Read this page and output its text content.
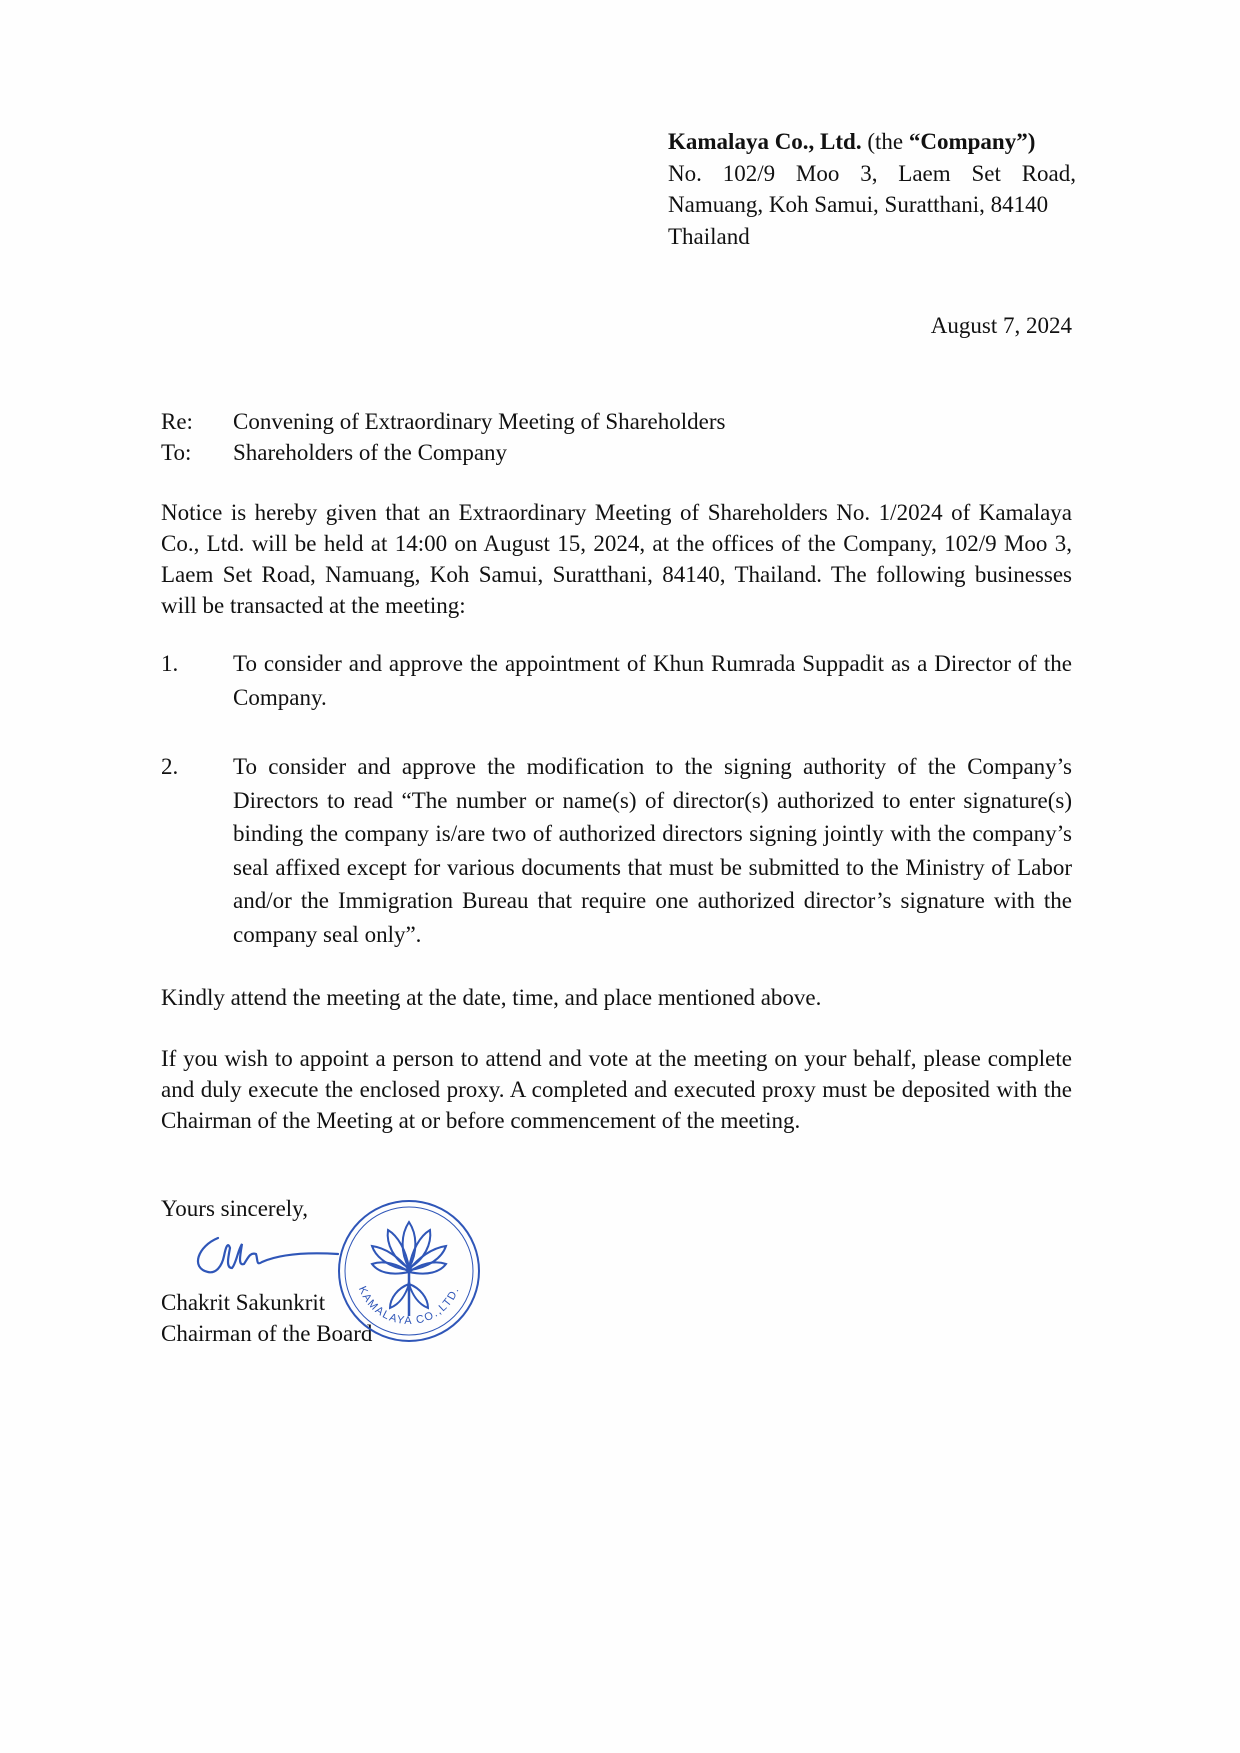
Kamalaya Co., Ltd. (the “Company”)
No. 102/9 Moo 3, Laem Set Road,
Namuang, Koh Samui, Suratthani, 84140
Thailand
August 7, 2024
Re:	Convening of Extraordinary Meeting of Shareholders
To:	Shareholders of the Company

Notice is hereby given that an Extraordinary Meeting of Shareholders No. 1/2024 of Kamalaya Co., Ltd. will be held at 14:00 on August 15, 2024, at the offices of the Company, 102/9 Moo 3, Laem Set Road, Namuang, Koh Samui, Suratthani, 84140, Thailand. The following businesses will be transacted at the meeting:

1.	To consider and approve the appointment of Khun Rumrada Suppadit as a Director of the Company.
2.	To consider and approve the modification to the signing authority of the Company’s Directors to read “The number or name(s) of director(s) authorized to enter signature(s) binding the company is/are two of authorized directors signing jointly with the company’s seal affixed except for various documents that must be submitted to the Ministry of Labor and/or the Immigration Bureau that require one authorized director’s signature with the company seal only”.

Kindly attend the meeting at the date, time, and place mentioned above.

If you wish to appoint a person to attend and vote at the meeting on your behalf, please complete and duly execute the enclosed proxy. A completed and executed proxy must be deposited with the Chairman of the Meeting at or before commencement of the meeting.

Yours sincerely,
Chakrit Sakunkrit
Chairman of the Board
KAMALAYA CO.,LTD.
